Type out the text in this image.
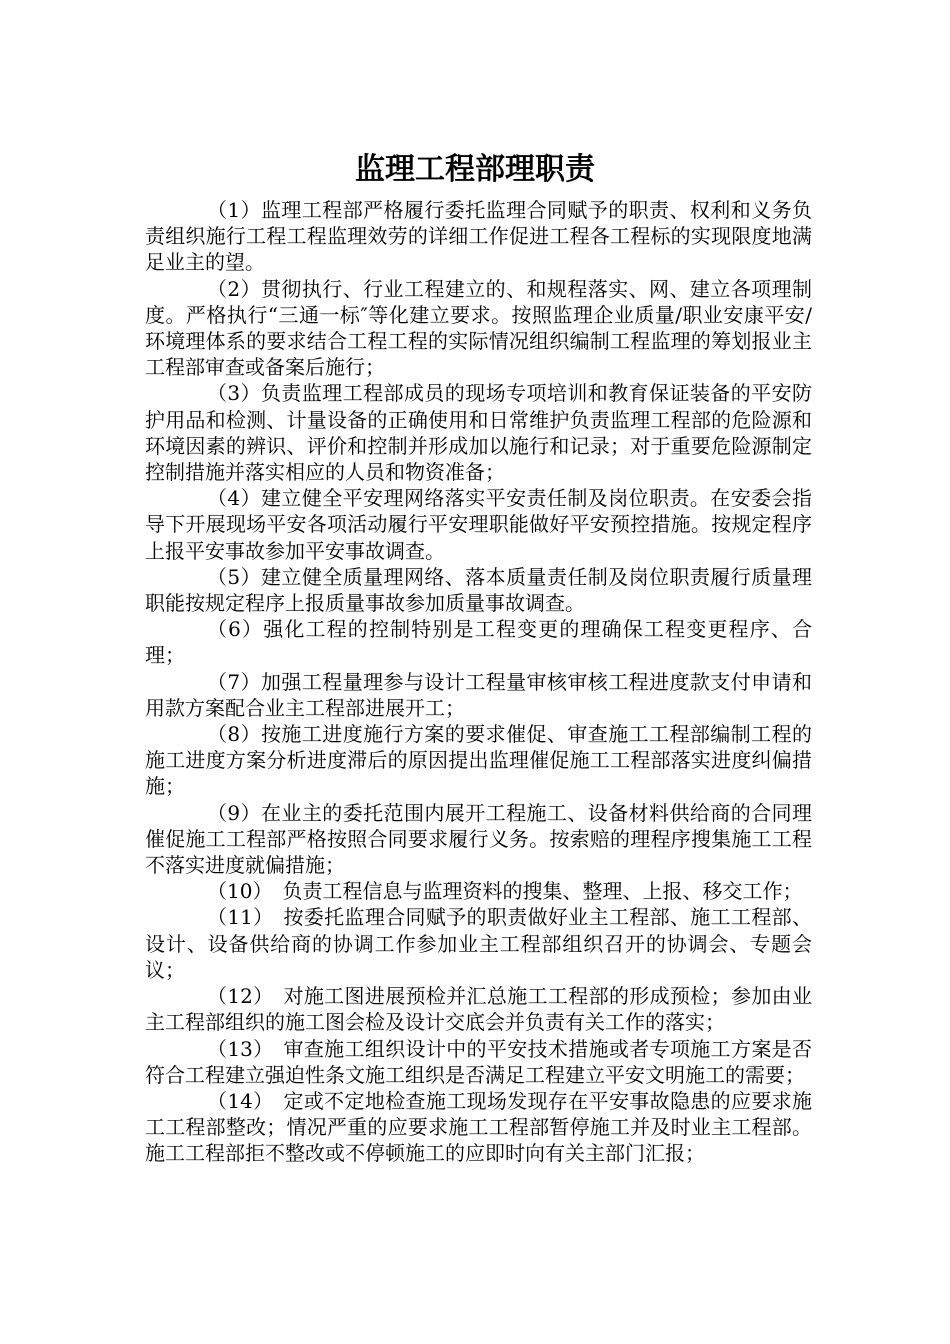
监理工程部理职责

（1）监理工程部严格履行委托监理合同赋予的职责、权利和义务负责组织施行工程工程监理效劳的详细工作促进工程各工程标的实现限度地满足业主的望。

（2）贯彻执行、行业工程建立的、和规程落实、网、建立各项理制度。严格执行“三通一标″等化建立要求。按照监理企业质量/职业安康平安/环境理体系的要求结合工程工程的实际情况组织编制工程监理的筹划报业主工程部审查或备案后施行；

（3）负责监理工程部成员的现场专项培训和教育保证装备的平安防护用品和检测、计量设备的正确使用和日常维护负责监理工程部的危险源和环境因素的辨识、评价和控制并形成加以施行和记录；对于重要危险源制定控制措施并落实相应的人员和物资准备；

（4）建立健全平安理网络落实平安责任制及岗位职责。在安委会指导下开展现场平安各项活动履行平安理职能做好平安预控措施。按规定程序上报平安事故参加平安事故调查。

（5）建立健全质量理网络、落本质量责任制及岗位职责履行质量理职能按规定程序上报质量事故参加质量事故调查。

（6）强化工程的控制特别是工程变更的理确保工程变更程序、合理；

（7）加强工程量理参与设计工程量审核审核工程进度款支付申请和用款方案配合业主工程部进展开工；

（8）按施工进度施行方案的要求催促、审查施工工程部编制工程的施工进度方案分析进度滞后的原因提出监理催促施工工程部落实进度纠偏措施；

（9）在业主的委托范围内展开工程施工、设备材料供给商的合同理催促施工工程部严格按照合同要求履行义务。按索赔的理程序搜集施工工程不落实进度就偏措施；

（10） 负责工程信息与监理资料的搜集、整理、上报、移交工作；

（11） 按委托监理合同赋予的职责做好业主工程部、施工工程部、设计、设备供给商的协调工作参加业主工程部组织召开的协调会、专题会议；

（12） 对施工图进展预检并汇总施工工程部的形成预检；参加由业主工程部组织的施工图会检及设计交底会并负责有关工作的落实；

（13） 审查施工组织设计中的平安技术措施或者专项施工方案是否符合工程建立强迫性条文施工组织是否满足工程建立平安文明施工的需要；

（14） 定或不定地检查施工现场发现存在平安事故隐患的应要求施工工程部整改；情况严重的应要求施工工程部暂停施工并及时业主工程部。施工工程部拒不整改或不停顿施工的应即时向有关主部门汇报；
